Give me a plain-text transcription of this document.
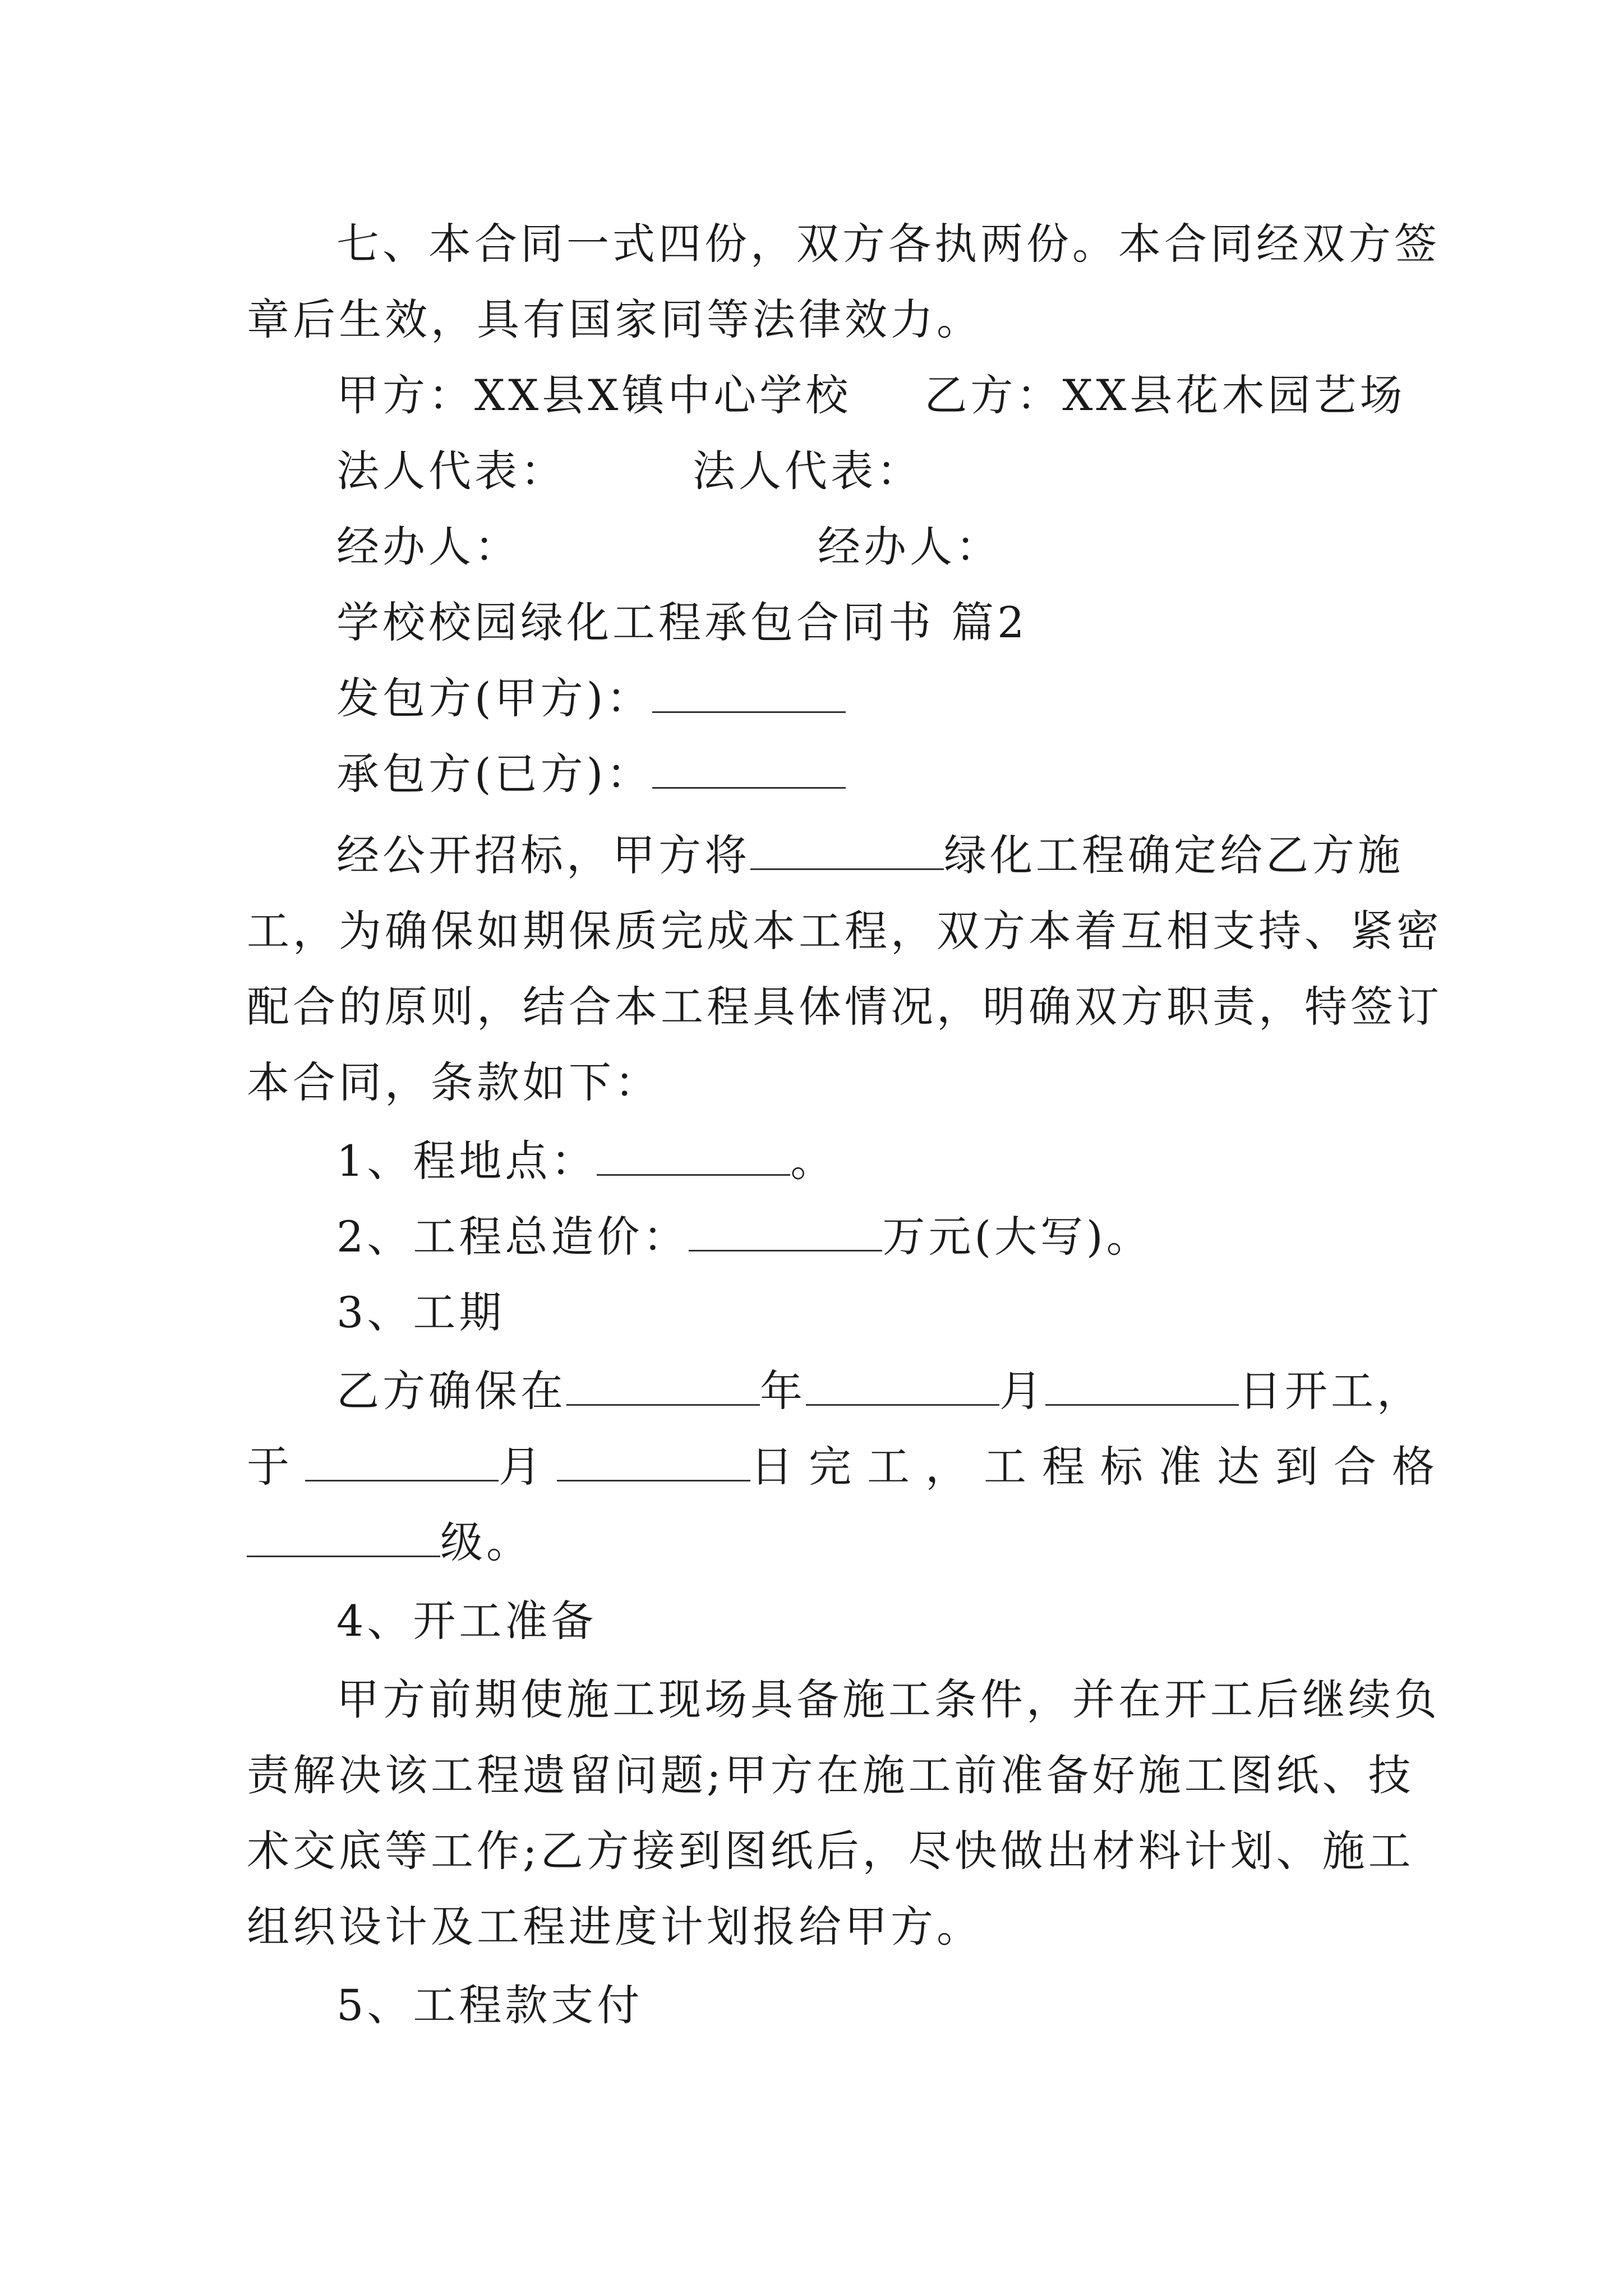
七、本合同一式四份，双方各执两份。本合同经双方签
章后生效，具有国家同等法律效力。
甲方：XX县X镇中心学校 乙方：XX县花木园艺场
法人代表：	法人代表：
经办人：	经办人：
学校校园绿化工程承包合同书 篇2
发包方(甲方)：
承包方(已方)：
经公开招标，甲方将	绿化工程确定给乙方施
工，为确保如期保质完成本工程，双方本着互相支持、紧密
配合的原则，结合本工程具体情况，明确双方职责，特签订
本合同，条款如下：
1、程地点：	。
2、工程总造价：	万元(大写)。
3、工期
乙方确保在	年	月	日开工，
于	月	日完工，工程标准达到合格
级。
4、开工准备
甲方前期使施工现场具备施工条件，并在开工后继续负
责解决该工程遗留问题;甲方在施工前准备好施工图纸、技
术交底等工作;乙方接到图纸后，尽快做出材料计划、施工
组织设计及工程进度计划报给甲方。
5、工程款支付
